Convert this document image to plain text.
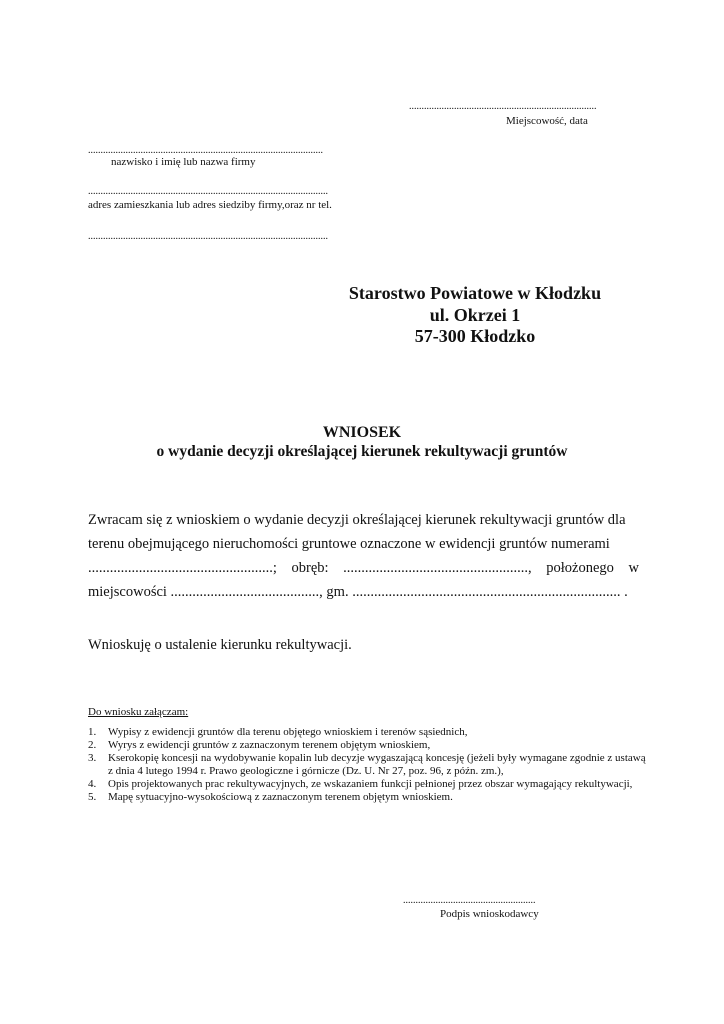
...........................................................................
Miejscowość, data
..............................................................................................
nazwisko i imię lub nazwa firmy
................................................................................................
adres zamieszkania lub adres siedziby firmy,oraz nr tel.
................................................................................................
Starostwo Powiatowe w Kłodzku
ul. Okrzei 1
57-300 Kłodzko
WNIOSEK
o wydanie decyzji określającej kierunek rekultywacji gruntów
Zwracam się z wnioskiem o wydanie decyzji określającej kierunek rekultywacji gruntów dla
terenu obejmującego nieruchomości gruntowe oznaczone w ewidencji gruntów numerami
...................................................; obręb: ..................................................., położonego w
miejscowości ........................................., gm. .......................................................................... .
Wnioskuję o ustalenie kierunku rekultywacji.
Do wniosku załączam:
1.	Wypisy z ewidencji gruntów dla terenu objętego wnioskiem i terenów sąsiednich,
2.	Wyrys z ewidencji gruntów z zaznaczonym terenem objętym wnioskiem,
3.	Kserokopię koncesji na wydobywanie kopalin lub decyzje wygaszającą koncesję (jeżeli były wymagane zgodnie z ustawą z dnia 4 lutego 1994 r. Prawo geologiczne i górnicze (Dz. U. Nr 27, poz. 96, z późn. zm.),
4.	Opis projektowanych prac rekultywacyjnych, ze wskazaniem funkcji pełnionej przez obszar wymagający rekultywacji,
5.	Mapę sytuacyjno-wysokościową z zaznaczonym terenem objętym wnioskiem.
.....................................................
Podpis wnioskodawcy
